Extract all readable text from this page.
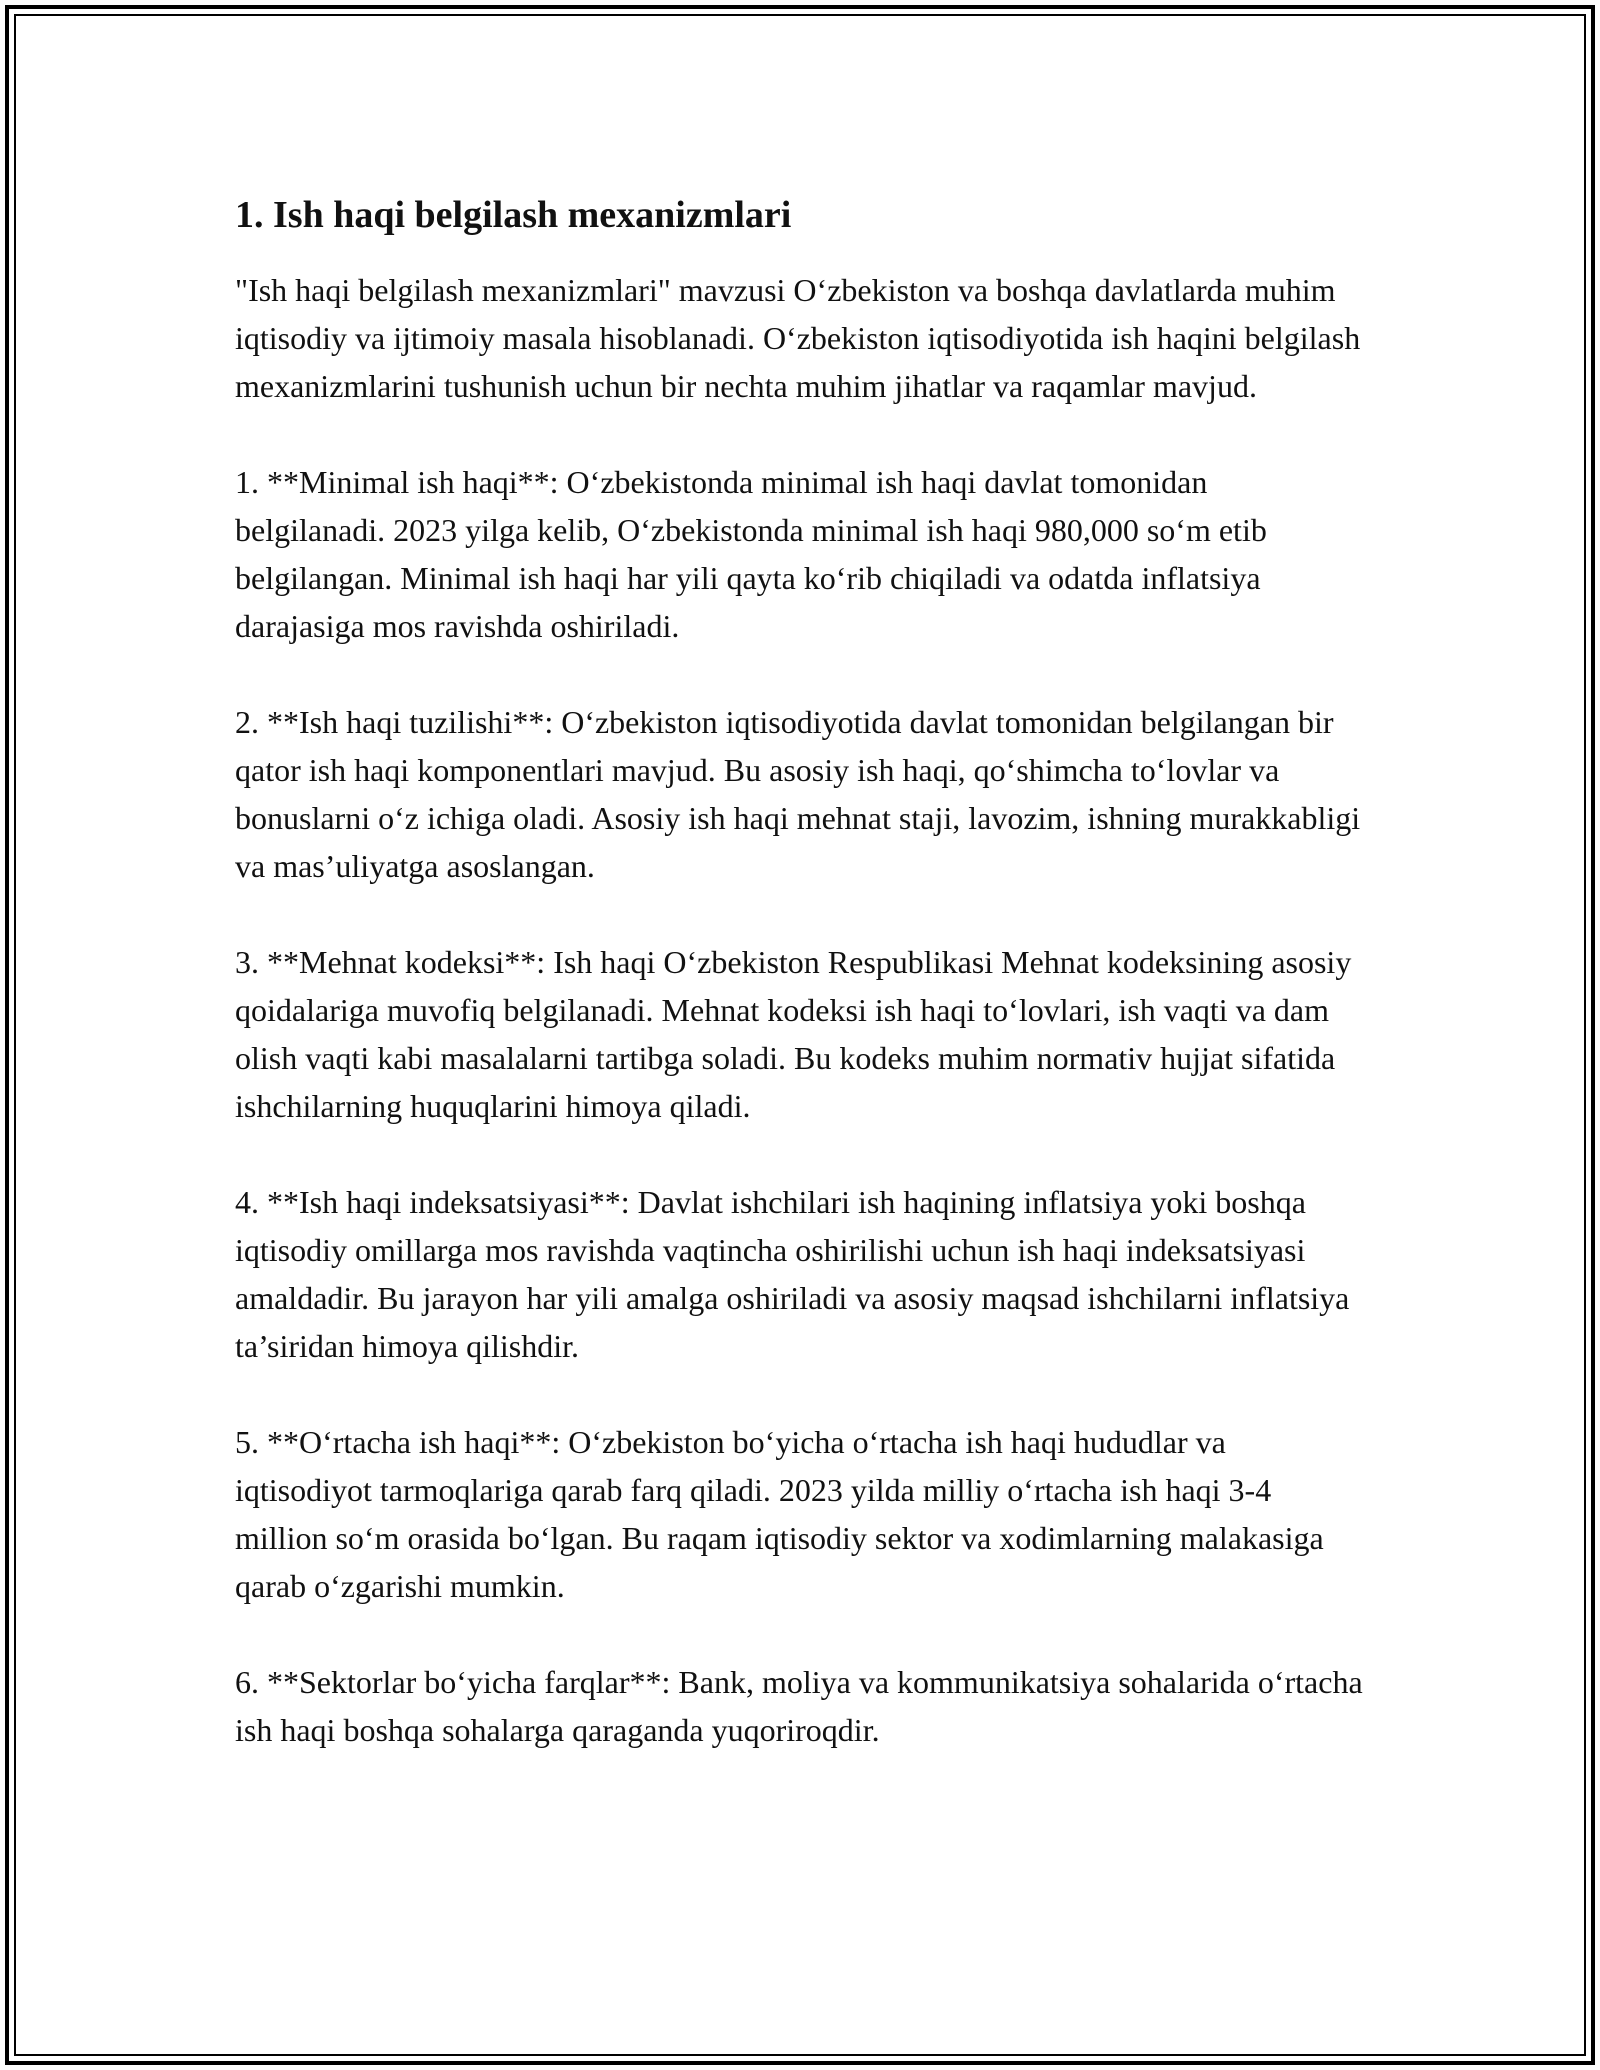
1. Ish haqi belgilash mexanizmlari

"Ish haqi belgilash mexanizmlari" mavzusi O‘zbekiston va boshqa davlatlarda muhim iqtisodiy va ijtimoiy masala hisoblanadi. O‘zbekiston iqtisodiyotida ish haqini belgilash mexanizmlarini tushunish uchun bir nechta muhim jihatlar va raqamlar mavjud.

1. **Minimal ish haqi**: O‘zbekistonda minimal ish haqi davlat tomonidan belgilanadi. 2023 yilga kelib, O‘zbekistonda minimal ish haqi 980,000 so‘m etib belgilangan. Minimal ish haqi har yili qayta ko‘rib chiqiladi va odatda inflatsiya darajasiga mos ravishda oshiriladi.

2. **Ish haqi tuzilishi**: O‘zbekiston iqtisodiyotida davlat tomonidan belgilangan bir qator ish haqi komponentlari mavjud. Bu asosiy ish haqi, qo‘shimcha to‘lovlar va bonuslarni o‘z ichiga oladi. Asosiy ish haqi mehnat staji, lavozim, ishning murakkabligi va mas’uliyatga asoslangan.

3. **Mehnat kodeksi**: Ish haqi O‘zbekiston Respublikasi Mehnat kodeksining asosiy qoidalariga muvofiq belgilanadi. Mehnat kodeksi ish haqi to‘lovlari, ish vaqti va dam olish vaqti kabi masalalarni tartibga soladi. Bu kodeks muhim normativ hujjat sifatida ishchilarning huquqlarini himoya qiladi.

4. **Ish haqi indeksatsiyasi**: Davlat ishchilari ish haqining inflatsiya yoki boshqa iqtisodiy omillarga mos ravishda vaqtincha oshirilishi uchun ish haqi indeksatsiyasi amaldadir. Bu jarayon har yili amalga oshiriladi va asosiy maqsad ishchilarni inflatsiya ta’siridan himoya qilishdir.

5. **O‘rtacha ish haqi**: O‘zbekiston bo‘yicha o‘rtacha ish haqi hududlar va iqtisodiyot tarmoqlariga qarab farq qiladi. 2023 yilda milliy o‘rtacha ish haqi 3-4 million so‘m orasida bo‘lgan. Bu raqam iqtisodiy sektor va xodimlarning malakasiga qarab o‘zgarishi mumkin.

6. **Sektorlar bo‘yicha farqlar**: Bank, moliya va kommunikatsiya sohalarida o‘rtacha ish haqi boshqa sohalarga qaraganda yuqoriroqdir.
